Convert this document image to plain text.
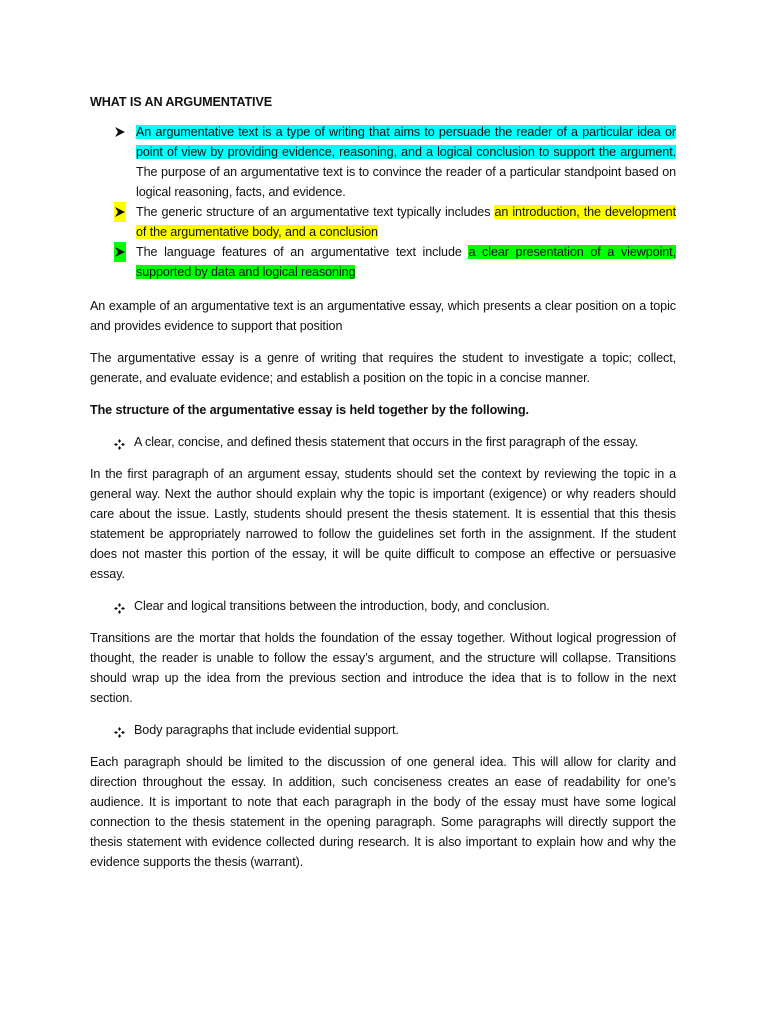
WHAT IS AN ARGUMENTATIVE
An argumentative text is a type of writing that aims to persuade the reader of a particular idea or point of view by providing evidence, reasoning, and a logical conclusion to support the argument. The purpose of an argumentative text is to convince the reader of a particular standpoint based on logical reasoning, facts, and evidence.
The generic structure of an argumentative text typically includes an introduction, the development of the argumentative body, and a conclusion
The language features of an argumentative text include a clear presentation of a viewpoint, supported by data and logical reasoning

An example of an argumentative text is an argumentative essay, which presents a clear position on a topic and provides evidence to support that position

The argumentative essay is a genre of writing that requires the student to investigate a topic; collect, generate, and evaluate evidence; and establish a position on the topic in a concise manner.

The structure of the argumentative essay is held together by the following.

A clear, concise, and defined thesis statement that occurs in the first paragraph of the essay.

In the first paragraph of an argument essay, students should set the context by reviewing the topic in a general way. Next the author should explain why the topic is important (exigence) or why readers should care about the issue. Lastly, students should present the thesis statement. It is essential that this thesis statement be appropriately narrowed to follow the guidelines set forth in the assignment. If the student does not master this portion of the essay, it will be quite difficult to compose an effective or persuasive essay.

Clear and logical transitions between the introduction, body, and conclusion.

Transitions are the mortar that holds the foundation of the essay together. Without logical progression of thought, the reader is unable to follow the essay’s argument, and the structure will collapse. Transitions should wrap up the idea from the previous section and introduce the idea that is to follow in the next section.

Body paragraphs that include evidential support.

Each paragraph should be limited to the discussion of one general idea. This will allow for clarity and direction throughout the essay. In addition, such conciseness creates an ease of readability for one’s audience. It is important to note that each paragraph in the body of the essay must have some logical connection to the thesis statement in the opening paragraph. Some paragraphs will directly support the thesis statement with evidence collected during research. It is also important to explain how and why the evidence supports the thesis (warrant).
